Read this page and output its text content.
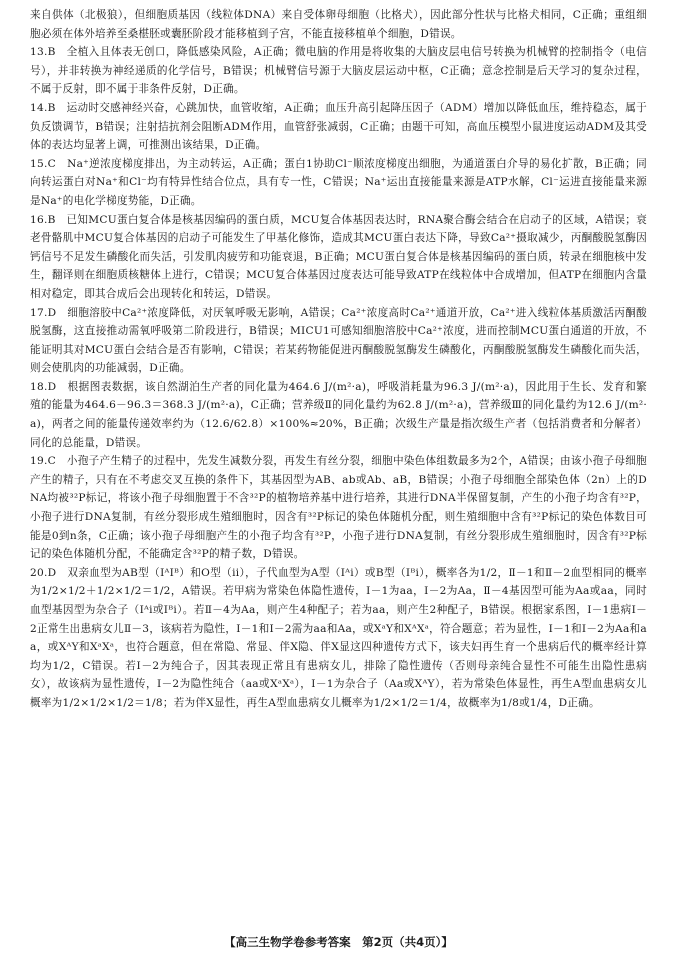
来自供体（北极狼），但细胞质基因（线粒体DNA）来自受体卵母细胞（比格犬），因此部分性状与比格犬相同，C正确；重组细胞必须在体外培养至桑椹胚或囊胚阶段才能移植到子宫，不能直接移植单个细胞，D错误。

13.B　全植入且体表无创口，降低感染风险，A正确；微电脑的作用是将收集的大脑皮层电信号转换为机械臂的控制指令（电信号），并非转换为神经递质的化学信号，B错误；机械臂信号源于大脑皮层运动中枢，C正确；意念控制是后天学习的复杂过程，不属于反射，即不属于非条件反射，D正确。

14.B　运动时交感神经兴奋，心跳加快，血管收缩，A正确；血压升高引起降压因子（ADM）增加以降低血压，维持稳态，属于负反馈调节，B错误；注射拮抗剂会阻断ADM作用，血管舒张减弱，C正确；由题干可知，高血压模型小鼠进度运动ADM及其受体的表达均显著上调，可推测出该结果，D正确。

15.C　Na⁺逆浓度梯度排出，为主动转运，A正确；蛋白1协助Cl⁻顺浓度梯度出细胞，为通道蛋白介导的易化扩散，B正确；同向转运蛋白对Na⁺和Cl⁻均有特异性结合位点，具有专一性，C错误；Na⁺运出直接能量来源是ATP水解，Cl⁻运进直接能量来源是Na⁺的电化学梯度势能，D正确。

16.B　已知MCU蛋白复合体是核基因编码的蛋白质，MCU复合体基因表达时，RNA聚合酶会结合在启动子的区域，A错误；衰老骨骼肌中MCU复合体基因的启动子可能发生了甲基化修饰，造成其MCU蛋白表达下降，导致Ca²⁺摄取减少，丙酮酸脱氢酶因钙信号不足发生磷酸化而失活，引发肌肉疲劳和功能衰退，B正确；MCU蛋白复合体是核基因编码的蛋白质，转录在细胞核中发生，翻译则在细胞质核糖体上进行，C错误；MCU复合体基因过度表达可能导致ATP在线粒体中合成增加，但ATP在细胞内含量相对稳定，即其合成后会出现转化和转运，D错误。

17.D　细胞溶胶中Ca²⁺浓度降低，对厌氧呼吸无影响，A错误；Ca²⁺浓度高时Ca²⁺通道开放，Ca²⁺进入线粒体基质激活丙酮酸脱氢酶，这直接推动需氧呼吸第二阶段进行，B错误；MICU1可感知细胞溶胶中Ca²⁺浓度，进而控制MCU蛋白通道的开放，不能证明其对MCU蛋白会结合是否有影响，C错误；若某药物能促进丙酮酸脱氢酶发生磷酸化，丙酮酸脱氢酶发生磷酸化而失活，则会使肌肉的功能减弱，D正确。

18.D　根据图表数据，该自然湖泊生产者的同化量为464.6 J/(m²·a)，呼吸消耗量为96.3 J/(m²·a)，因此用于生长、发育和繁殖的能量为464.6－96.3＝368.3 J/(m²·a)，C正确；营养级Ⅱ的同化量约为62.8 J/(m²·a)，营养级Ⅲ的同化量约为12.6 J/(m²·a)，两者之间的能量传递效率约为（12.6/62.8）×100%≈20%，B正确；次级生产量是指次级生产者（包括消费者和分解者）同化的总能量，D错误。

19.C　小孢子产生精子的过程中，先发生减数分裂，再发生有丝分裂，细胞中染色体组数最多为2个，A错误；由该小孢子母细胞产生的精子，只有在不考虑交叉互换的条件下，其基因型为AB、ab或Ab、aB，B错误；小孢子母细胞全部染色体（2n）上的DNA均被³²P标记，将该小孢子母细胞置于不含³²P的植物培养基中进行培养，其进行DNA半保留复制，产生的小孢子均含有³²P，小孢子进行DNA复制，有丝分裂形成生殖细胞时，因含有³²P标记的染色体随机分配，则生殖细胞中含有³²P标记的染色体数目可能是0到n条，C正确；该小孢子母细胞产生的小孢子均含有³²P，小孢子进行DNA复制，有丝分裂形成生殖细胞时，因含有³²P标记的染色体随机分配，不能确定含³²P的精子数，D错误。

20.D　双亲血型为AB型（IᴬIᴮ）和O型（ii），子代血型为A型（Iᴬi）或B型（Iᴮi），概率各为1/2，Ⅱ－1和Ⅱ－2血型相同的概率为1/2×1/2＋1/2×1/2＝1/2，A错误。若甲病为常染色体隐性遗传，Ⅰ－1为aa，Ⅰ－2为Aa，Ⅱ－4基因型可能为Aa或aa，同时血型基因型为杂合子（Iᴬi或Iᴮi）。若Ⅱ－4为Aa，则产生4种配子；若为aa，则产生2种配子，B错误。根据家系图，Ⅰ－1患病Ⅰ－2正常生出患病女儿Ⅱ－3，该病若为隐性，Ⅰ－1和Ⅰ－2需为aa和Aa，或XᵃY和XᴬXᵃ，符合题意；若为显性，Ⅰ－1和Ⅰ－2为Aa和aa，或XᴬY和XᵃXᵃ，也符合题意，但在常隐、常显、伴X隐、伴X显这四种遗传方式下，该夫妇再生育一个患病后代的概率经计算均为1/2，C错误。若Ⅰ－2为纯合子，因其表现正常且有患病女儿，排除了隐性遗传（否则母亲纯合显性不可能生出隐性患病女），故该病为显性遗传，Ⅰ－2为隐性纯合（aa或XᵃXᵃ），Ⅰ－1为杂合子（Aa或XᴬY），若为常染色体显性，再生A型血患病女儿概率为1/2×1/2×1/2＝1/8；若为伴X显性，再生A型血患病女儿概率为1/2×1/2＝1/4，故概率为1/8或1/4，D正确。

【高三生物学卷参考答案　第2页（共4页）】
